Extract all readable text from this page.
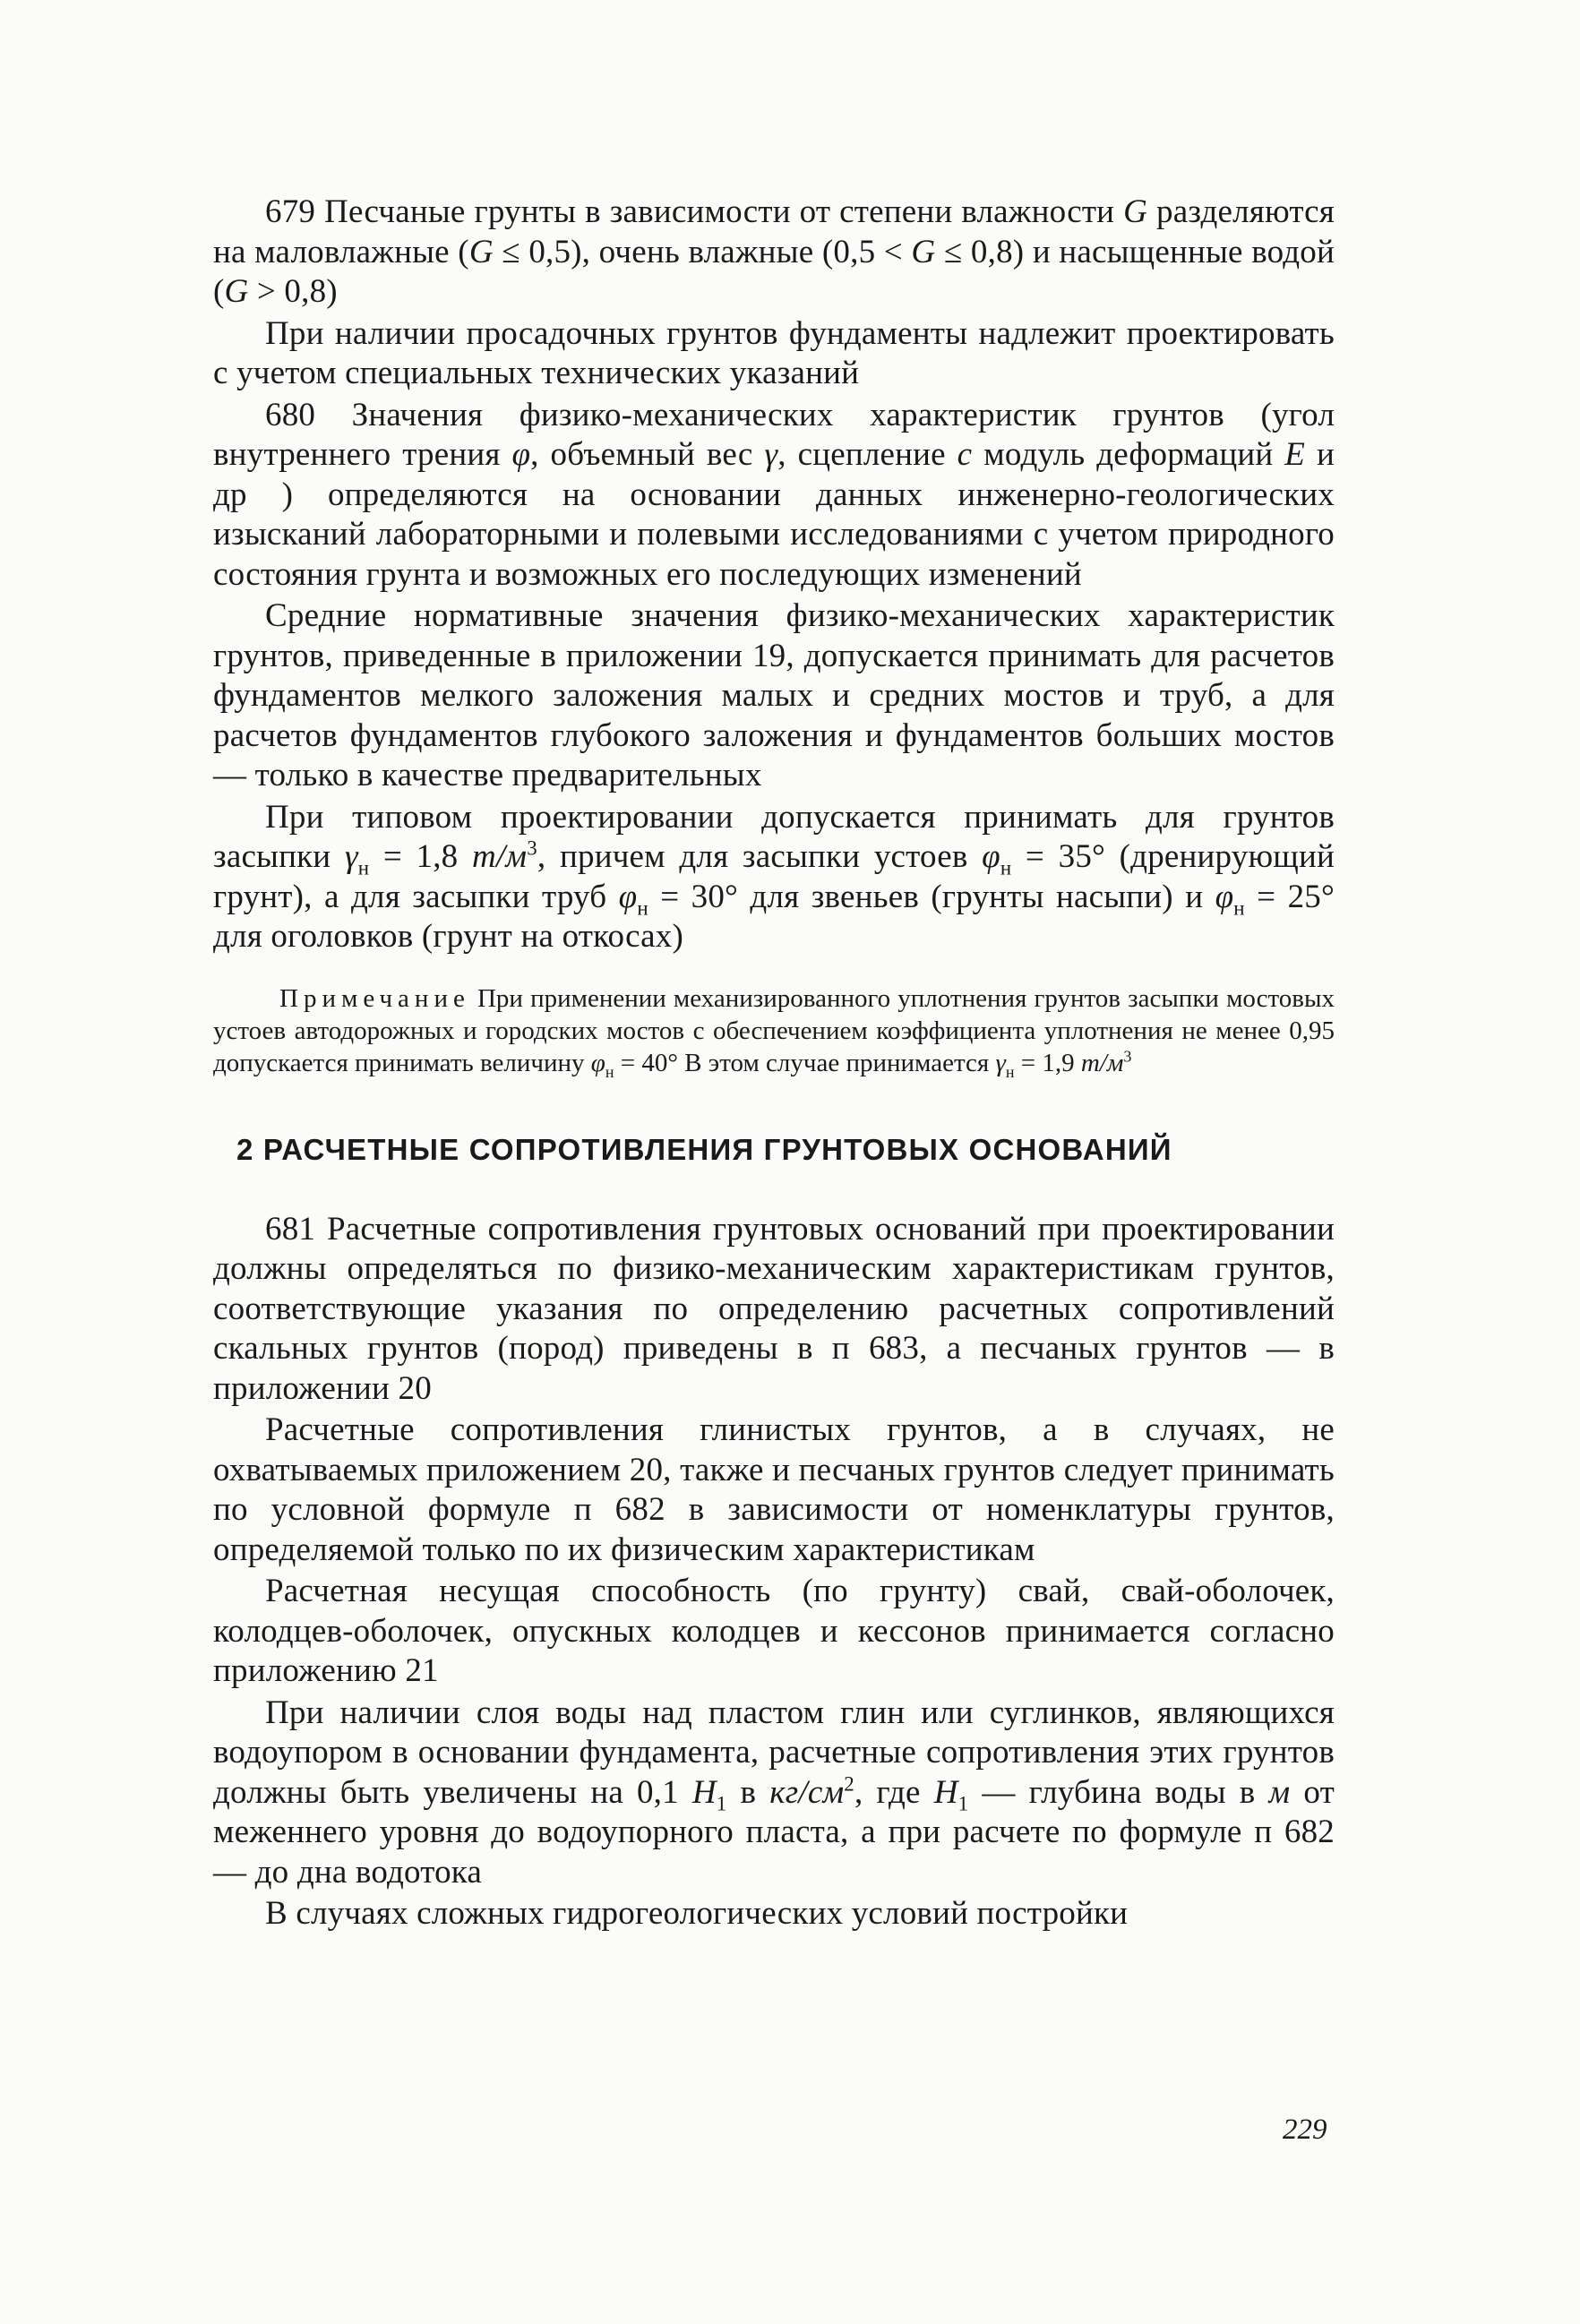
679 Песчаные грунты в зависимости от степени влажности G разделяются на маловлажные (G ≤ 0,5), очень влажные (0,5 < G ≤ 0,8) и насыщенные водой (G > 0,8)

При наличии просадочных грунтов фундаменты надлежит проектировать с учетом специальных технических указаний

680 Значения физико-механических характеристик грунтов (угол внутреннего трения φ, объемный вес γ, сцепление c модуль деформаций E и др ) определяются на основании данных инженерно-геологических изысканий лабораторными и полевыми исследованиями с учетом природного состояния грунта и возможных его последующих изменений

Средние нормативные значения физико-механических характеристик грунтов, приведенные в приложении 19, допускается принимать для расчетов фундаментов мелкого заложения малых и средних мостов и труб, а для расчетов фундаментов глубокого заложения и фундаментов больших мостов — только в качестве предварительных

При типовом проектировании допускается принимать для грунтов засыпки $\gamma_н = 1,8$ $т/м^3$, причем для засыпки устоев $\varphi_н = 35^\circ$ (дренирующий грунт), а для засыпки труб $\varphi_н = 30^\circ$ для звеньев (грунты насыпи) и $\varphi_н = 25^\circ$ для оголовков (грунт на откосах)

Примечание При применении механизированного уплотнения грунтов засыпки мостовых устоев автодорожных и городских мостов с обеспечением коэффициента уплотнения не менее 0,95 допускается принимать величину $\varphi_н = 40^\circ$ В этом случае принимается $\gamma_н = 1,9$ $т/м^3$

2 РАСЧЕТНЫЕ СОПРОТИВЛЕНИЯ ГРУНТОВЫХ ОСНОВАНИЙ

681 Расчетные сопротивления грунтовых оснований при проектировании должны определяться по физико-механическим характеристикам грунтов, соответствующие указания по определению расчетных сопротивлений скальных грунтов (пород) приведены в п 683, а песчаных грунтов — в приложении 20

Расчетные сопротивления глинистых грунтов, а в случаях, не охватываемых приложением 20, также и песчаных грунтов следует принимать по условной формуле п 682 в зависимости от номенклатуры грунтов, определяемой только по их физическим характеристикам

Расчетная несущая способность (по грунту) свай, свай-оболочек, колодцев-оболочек, опускных колодцев и кессонов принимается согласно приложению 21

При наличии слоя воды над пластом глин или суглинков, являющихся водоупором в основании фундамента, расчетные сопротивления этих грунтов должны быть увеличены на 0,1 $H_1$ в $кг/см^2$, где $H_1$ — глубина воды в м от меженнего уровня до водоупорного пласта, а при расчете по формуле п 682 — до дна водотока

В случаях сложных гидрогеологических условий постройки

229
